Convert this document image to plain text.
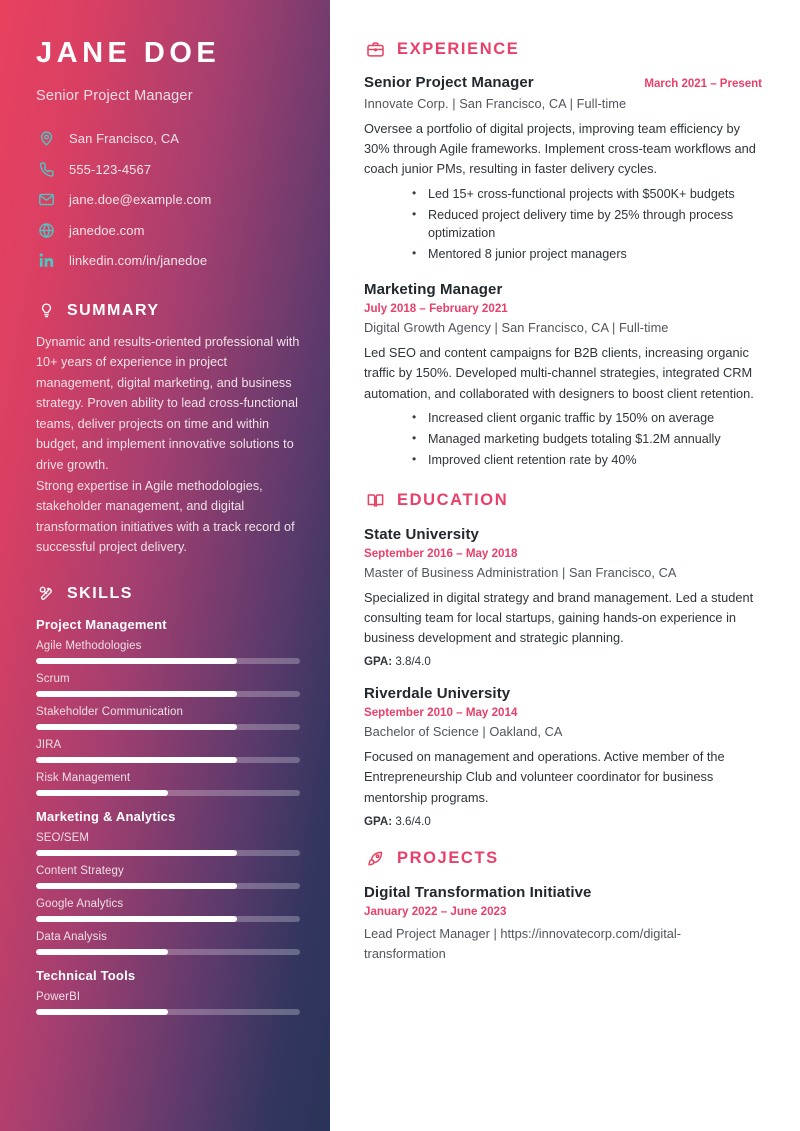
JANE DOE
Senior Project Manager
San Francisco, CA
555-123-4567
jane.doe@example.com
janedoe.com
linkedin.com/in/janedoe
SUMMARY
Dynamic and results-oriented professional with 10+ years of experience in project management, digital marketing, and business strategy. Proven ability to lead cross-functional teams, deliver projects on time and within budget, and implement innovative solutions to drive growth.
Strong expertise in Agile methodologies, stakeholder management, and digital transformation initiatives with a track record of successful project delivery.
SKILLS
Project Management
Agile Methodologies
Scrum
Stakeholder Communication
JIRA
Risk Management
Marketing & Analytics
SEO/SEM
Content Strategy
Google Analytics
Data Analysis
Technical Tools
PowerBI
EXPERIENCE
Senior Project Manager	March 2021 – Present
Innovate Corp. | San Francisco, CA | Full-time
Oversee a portfolio of digital projects, improving team efficiency by 30% through Agile frameworks. Implement cross-team workflows and coach junior PMs, resulting in faster delivery cycles.
• Led 15+ cross-functional projects with $500K+ budgets
• Reduced project delivery time by 25% through process optimization
• Mentored 8 junior project managers
Marketing Manager
July 2018 – February 2021
Digital Growth Agency | San Francisco, CA | Full-time
Led SEO and content campaigns for B2B clients, increasing organic traffic by 150%. Developed multi-channel strategies, integrated CRM automation, and collaborated with designers to boost client retention.
• Increased client organic traffic by 150% on average
• Managed marketing budgets totaling $1.2M annually
• Improved client retention rate by 40%
EDUCATION
State University
September 2016 – May 2018
Master of Business Administration | San Francisco, CA
Specialized in digital strategy and brand management. Led a student consulting team for local startups, gaining hands-on experience in business development and strategic planning.
GPA: 3.8/4.0
Riverdale University
September 2010 – May 2014
Bachelor of Science | Oakland, CA
Focused on management and operations. Active member of the Entrepreneurship Club and volunteer coordinator for business mentorship programs.
GPA: 3.6/4.0
PROJECTS
Digital Transformation Initiative
January 2022 – June 2023
Lead Project Manager | https://innovatecorp.com/digital-transformation
